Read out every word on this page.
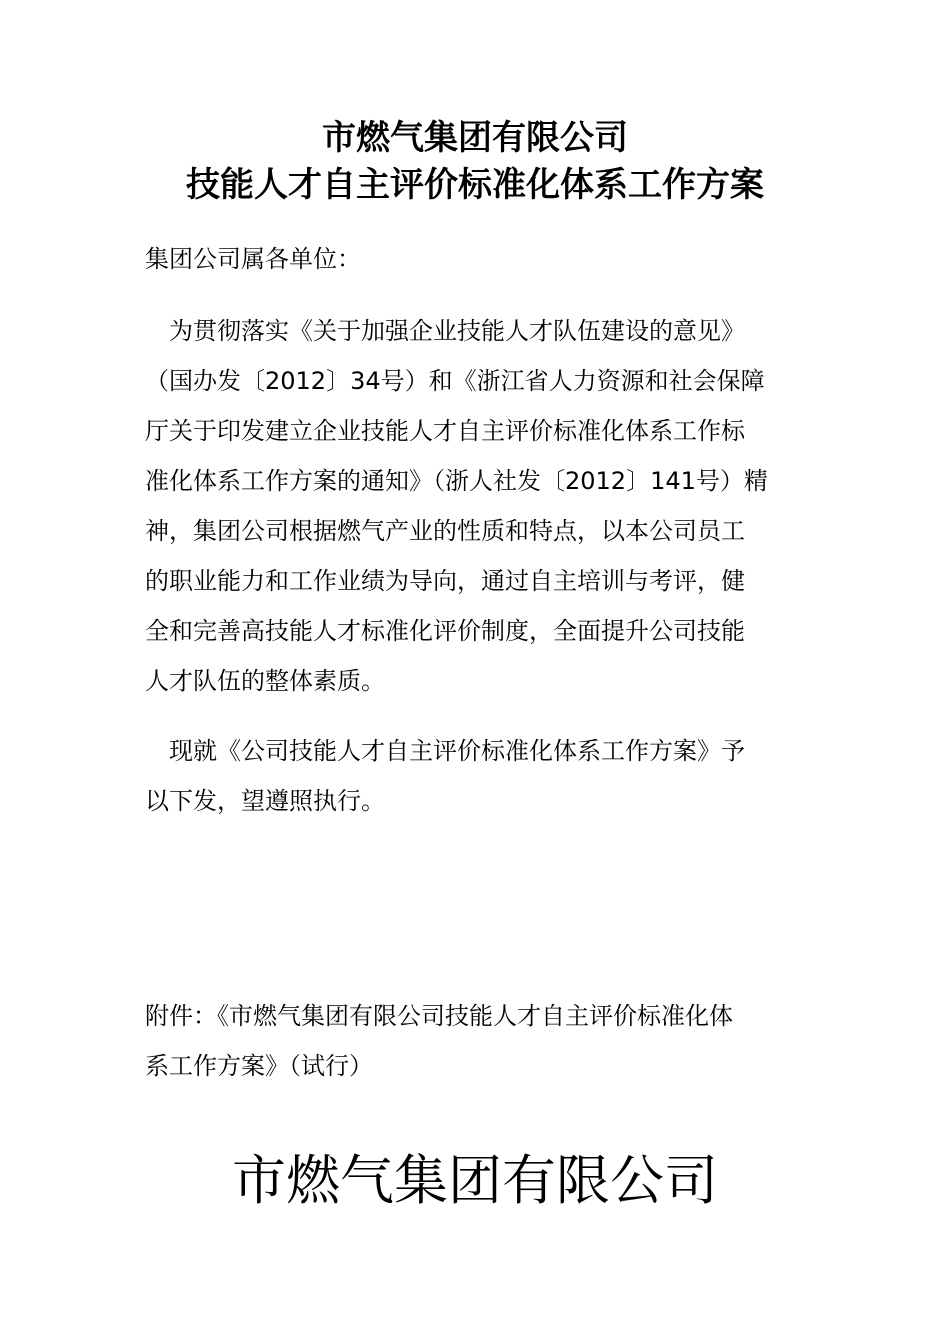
市燃气集团有限公司
技能人才自主评价标准化体系工作方案
集团公司属各单位：
　为贯彻落实《关于加强企业技能人才队伍建设的意见》
（国办发〔2012〕34号）和《浙江省人力资源和社会保障
厅关于印发建立企业技能人才自主评价标准化体系工作标
准化体系工作方案的通知》（浙人社发〔2012〕141号）精
神，集团公司根据燃气产业的性质和特点，以本公司员工
的职业能力和工作业绩为导向，通过自主培训与考评，健
全和完善高技能人才标准化评价制度，全面提升公司技能
人才队伍的整体素质。
　现就《公司技能人才自主评价标准化体系工作方案》予
以下发，望遵照执行。
附件：《市燃气集团有限公司技能人才自主评价标准化体
系工作方案》（试行）
市燃气集团有限公司
